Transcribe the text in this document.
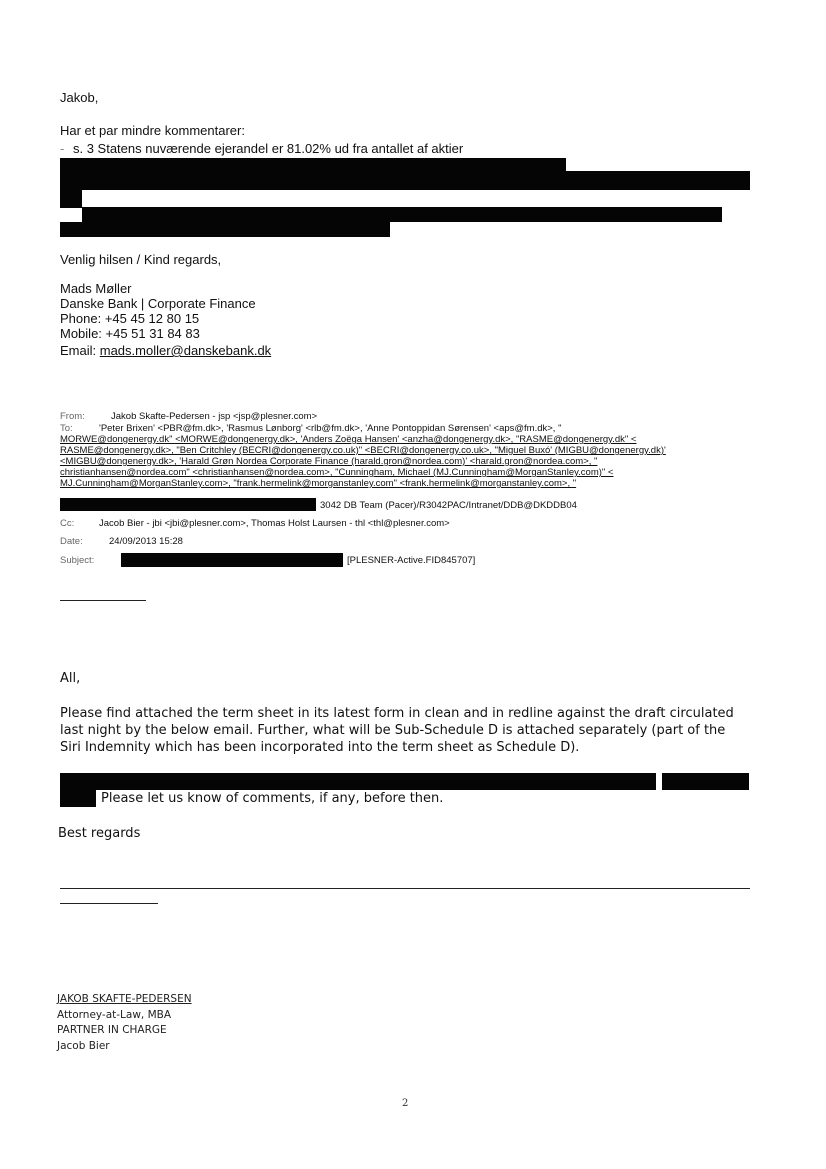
Jakob,
Har et par mindre kommentarer:
- s. 3 Statens nuværende ejerandel er 81.02% ud fra antallet af aktier
Venlig hilsen / Kind regards,
Mads Møller
Danske Bank | Corporate Finance
Phone: +45 45 12 80 15
Mobile: +45 51 31 84 83
Email: mads.moller@danskebank.dk
From:	Jakob Skafte-Pedersen - jsp <jsp@plesner.com>
To:	'Peter Brixen' <PBR@fm.dk>, 'Rasmus Lønborg' <rlb@fm.dk>, 'Anne Pontoppidan Sørensen' <aps@fm.dk>, "
MORWE@dongenergy.dk" <MORWE@dongenergy.dk>, 'Anders Zoëga Hansen' <anzha@dongenergy.dk>, "RASME@dongenergy.dk" <
RASME@dongenergy.dk>, "Ben Critchley (BECRI@dongenergy.co.uk)" <BECRI@dongenergy.co.uk>, "Miguel Buxó' (MIGBU@dongenergy.dk)'
<MIGBU@dongenergy.dk>, 'Harald Grøn Nordea Corporate Finance (harald.gron@nordea.com)' <harald.gron@nordea.com>, "
christianhansen@nordea.com" <christianhansen@nordea.com>, "Cunningham, Michael (MJ.Cunningham@MorganStanley.com)" <
MJ.Cunningham@MorganStanley.com>, "frank.hermelink@morganstanley.com" <frank.hermelink@morganstanley.com>, "
3042 DB Team (Pacer)/R3042PAC/Intranet/DDB@DKDDB04
Cc:	Jacob Bier - jbi <jbi@plesner.com>, Thomas Holst Laursen - thl <thl@plesner.com>
Date:	24/09/2013 15:28
Subject:	[PLESNER-Active.FID845707]
All,
Please find attached the term sheet in its latest form in clean and in redline against the draft circulated
last night by the below email. Further, what will be Sub-Schedule D is attached separately (part of the
Siri Indemnity which has been incorporated into the term sheet as Schedule D).
Please let us know of comments, if any, before then.
Best regards
JAKOB SKAFTE-PEDERSEN
Attorney-at-Law, MBA
PARTNER IN CHARGE
Jacob Bier
2
